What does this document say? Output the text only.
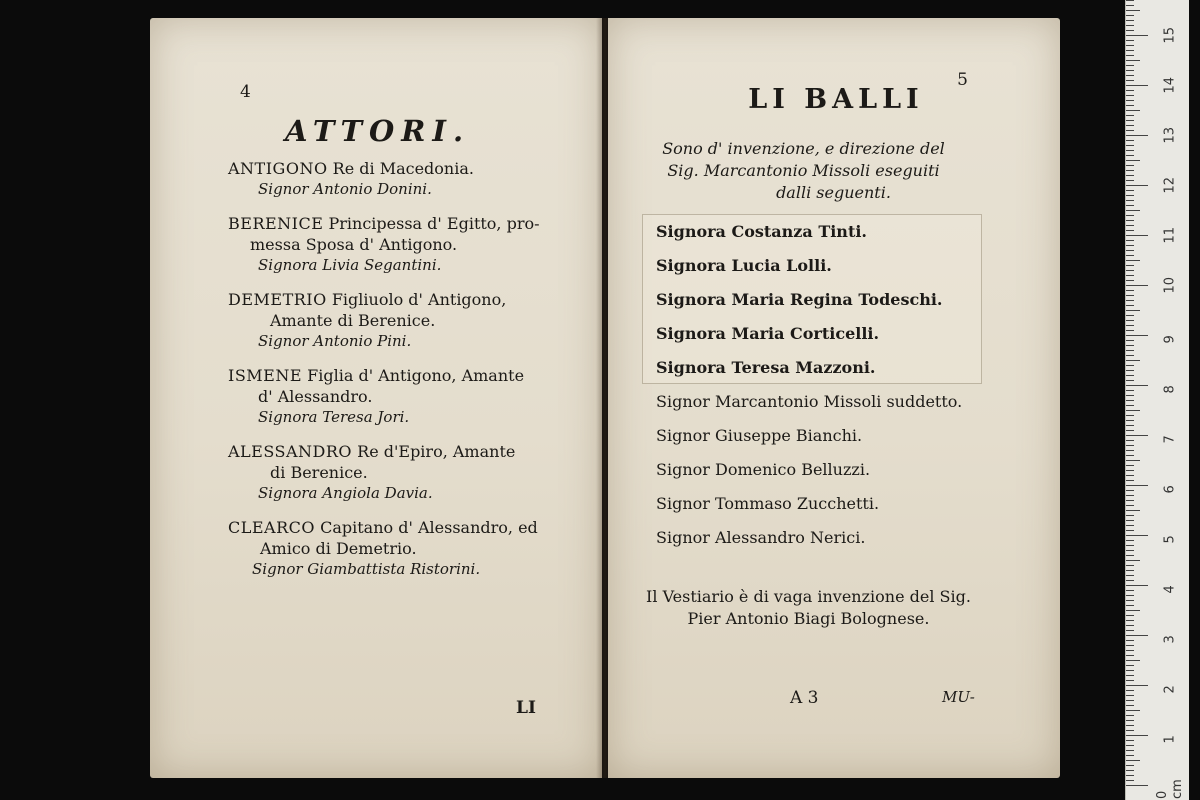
4
ATTORI.
ANTIGONO Re di Macedonia.
Signor Antonio Donini.
BERENICE Principessa d' Egitto, pro-
messa Sposa d' Antigono.
Signora Livia Segantini.
DEMETRIO Figliuolo d' Antigono,
Amante di Berenice.
Signor Antonio Pini.
ISMENE Figlia d' Antigono, Amante
d' Alessandro.
Signora Teresa Jori.
ALESSANDRO Re d'Epiro, Amante
di Berenice.
Signora Angiola Davia.
CLEARCO Capitano d' Alessandro, ed
Amico di Demetrio.
Signor Giambattista Ristorini.
LI
5
LI BALLI
Sono d' invenzione, e direzione del
Sig. Marcantonio Missoli eseguiti
dalli seguenti.
Signora Costanza Tinti.
Signora Lucia Lolli.
Signora Maria Regina Todeschi.
Signora Maria Corticelli.
Signora Teresa Mazzoni.
Signor Marcantonio Missoli suddetto.
Signor Giuseppe Bianchi.
Signor Domenico Belluzzi.
Signor Tommaso Zucchetti.
Signor Alessandro Nerici.
Il Vestiario è di vaga invenzione del Sig.
Pier Antonio Biagi Bolognese.
A 3	MU-
15
14
13
12
11
10
9
8
7
6
5
4
3
2
1
0 cm
